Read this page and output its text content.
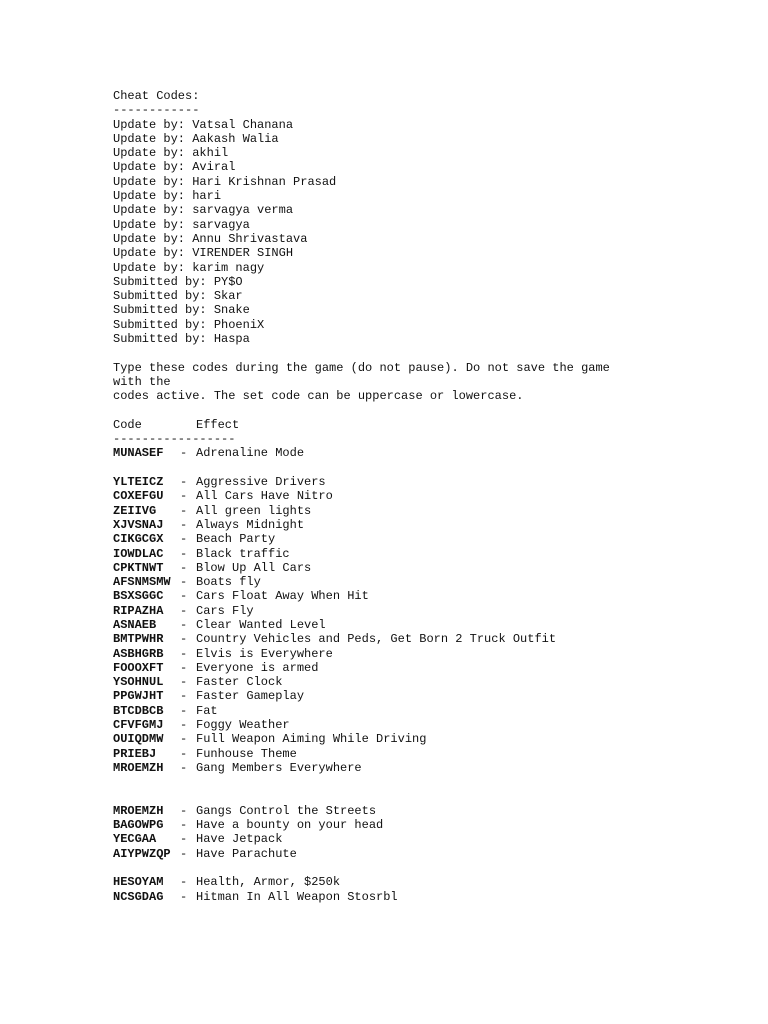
Cheat Codes:
------------
Update by: Vatsal Chanana
Update by: Aakash Walia
Update by: akhil
Update by: Aviral
Update by: Hari Krishnan Prasad
Update by: hari
Update by: sarvagya verma
Update by: sarvagya
Update by: Annu Shrivastava
Update by: VIRENDER SINGH
Update by: karim nagy
Submitted by: PY$O
Submitted by: Skar
Submitted by: Snake
Submitted by: PhoeniX
Submitted by: Haspa
Type these codes during the game (do not pause). Do not save the game
with the
codes active. The set code can be uppercase or lowercase.
Code	Effect
-----------------
MUNASEF	- Adrenaline Mode
YLTEICZ	- Aggressive Drivers
COXEFGU	- All Cars Have Nitro
ZEIIVG	- All green lights
XJVSNAJ	- Always Midnight
CIKGCGX	- Beach Party
IOWDLAC	- Black traffic
CPKTNWT	- Blow Up All Cars
AFSNMSMW - Boats fly
BSXSGGC	- Cars Float Away When Hit
RIPAZHA	- Cars Fly
ASNAEB	- Clear Wanted Level
BMTPWHR	- Country Vehicles and Peds, Get Born 2 Truck Outfit
ASBHGRB	- Elvis is Everywhere
FOOOXFT	- Everyone is armed
YSOHNUL	- Faster Clock
PPGWJHT	- Faster Gameplay
BTCDBCB	- Fat
CFVFGMJ	- Foggy Weather
OUIQDMW	- Full Weapon Aiming While Driving
PRIEBJ	- Funhouse Theme
MROEMZH	- Gang Members Everywhere
MROEMZH	- Gangs Control the Streets
BAGOWPG	- Have a bounty on your head
YECGAA	- Have Jetpack
AIYPWZQP - Have Parachute
HESOYAM	- Health, Armor, $250k
NCSGDAG	- Hitman In All Weapon Stosrbl
